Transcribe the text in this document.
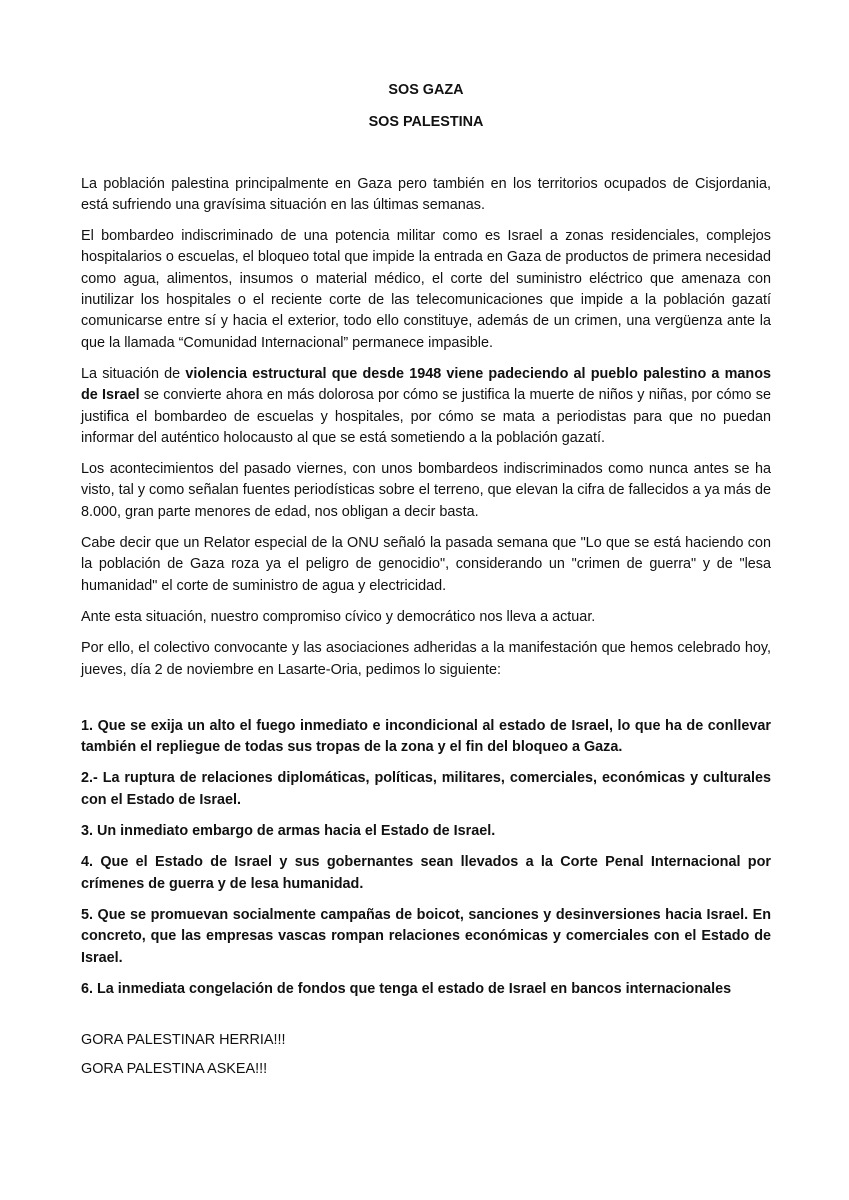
SOS GAZA

SOS PALESTINA

La población palestina principalmente en Gaza pero también en los territorios ocupados de Cisjordania, está sufriendo una gravísima situación en las últimas semanas.

El bombardeo indiscriminado de una potencia militar como es Israel a zonas residenciales, complejos hospitalarios o escuelas, el bloqueo total que impide la entrada en Gaza de productos de primera necesidad como agua, alimentos, insumos o material médico, el corte del suministro eléctrico que amenaza con inutilizar los hospitales o el reciente corte de las telecomunicaciones que impide a la población gazatí comunicarse entre sí y hacia el exterior, todo ello constituye, además de un crimen, una vergüenza ante la que la llamada “Comunidad Internacional” permanece impasible.

La situación de violencia estructural que desde 1948 viene padeciendo al pueblo palestino a manos de Israel se convierte ahora en más dolorosa por cómo se justifica la muerte de niños y niñas, por cómo se justifica el bombardeo de escuelas y hospitales, por cómo se mata a periodistas para que no puedan informar del auténtico holocausto al que se está sometiendo a la población gazatí.

Los acontecimientos del pasado viernes, con unos bombardeos indiscriminados como nunca antes se ha visto, tal y como señalan fuentes periodísticas sobre el terreno, que elevan la cifra de fallecidos a ya más de 8.000, gran parte menores de edad, nos obligan a decir basta.

Cabe decir que un Relator especial de la ONU señaló la pasada semana que "Lo que se está haciendo con la población de Gaza roza ya el peligro de genocidio", considerando un "crimen de guerra" y de "lesa humanidad" el corte de suministro de agua y electricidad.

Ante esta situación, nuestro compromiso cívico y democrático nos lleva a actuar.

Por ello, el colectivo convocante y las asociaciones adheridas a la manifestación que hemos celebrado hoy, jueves, día 2 de noviembre en Lasarte-Oria, pedimos lo siguiente:

1. Que se exija un alto el fuego inmediato e incondicional al estado de Israel, lo que ha de conllevar también el repliegue de todas sus tropas de la zona y el fin del bloqueo a Gaza.

2.- La ruptura de relaciones diplomáticas, políticas, militares, comerciales, económicas y culturales con el Estado de Israel.

3. Un inmediato embargo de armas hacia el Estado de Israel.

4. Que el Estado de Israel y sus gobernantes sean llevados a la Corte Penal Internacional por crímenes de guerra y de lesa humanidad.

5. Que se promuevan socialmente campañas de boicot, sanciones y desinversiones hacia Israel. En concreto, que las empresas vascas rompan relaciones económicas y comerciales con el Estado de Israel.

6. La inmediata congelación de fondos que tenga el estado de Israel en bancos internacionales

GORA PALESTINAR HERRIA!!!

GORA PALESTINA ASKEA!!!
